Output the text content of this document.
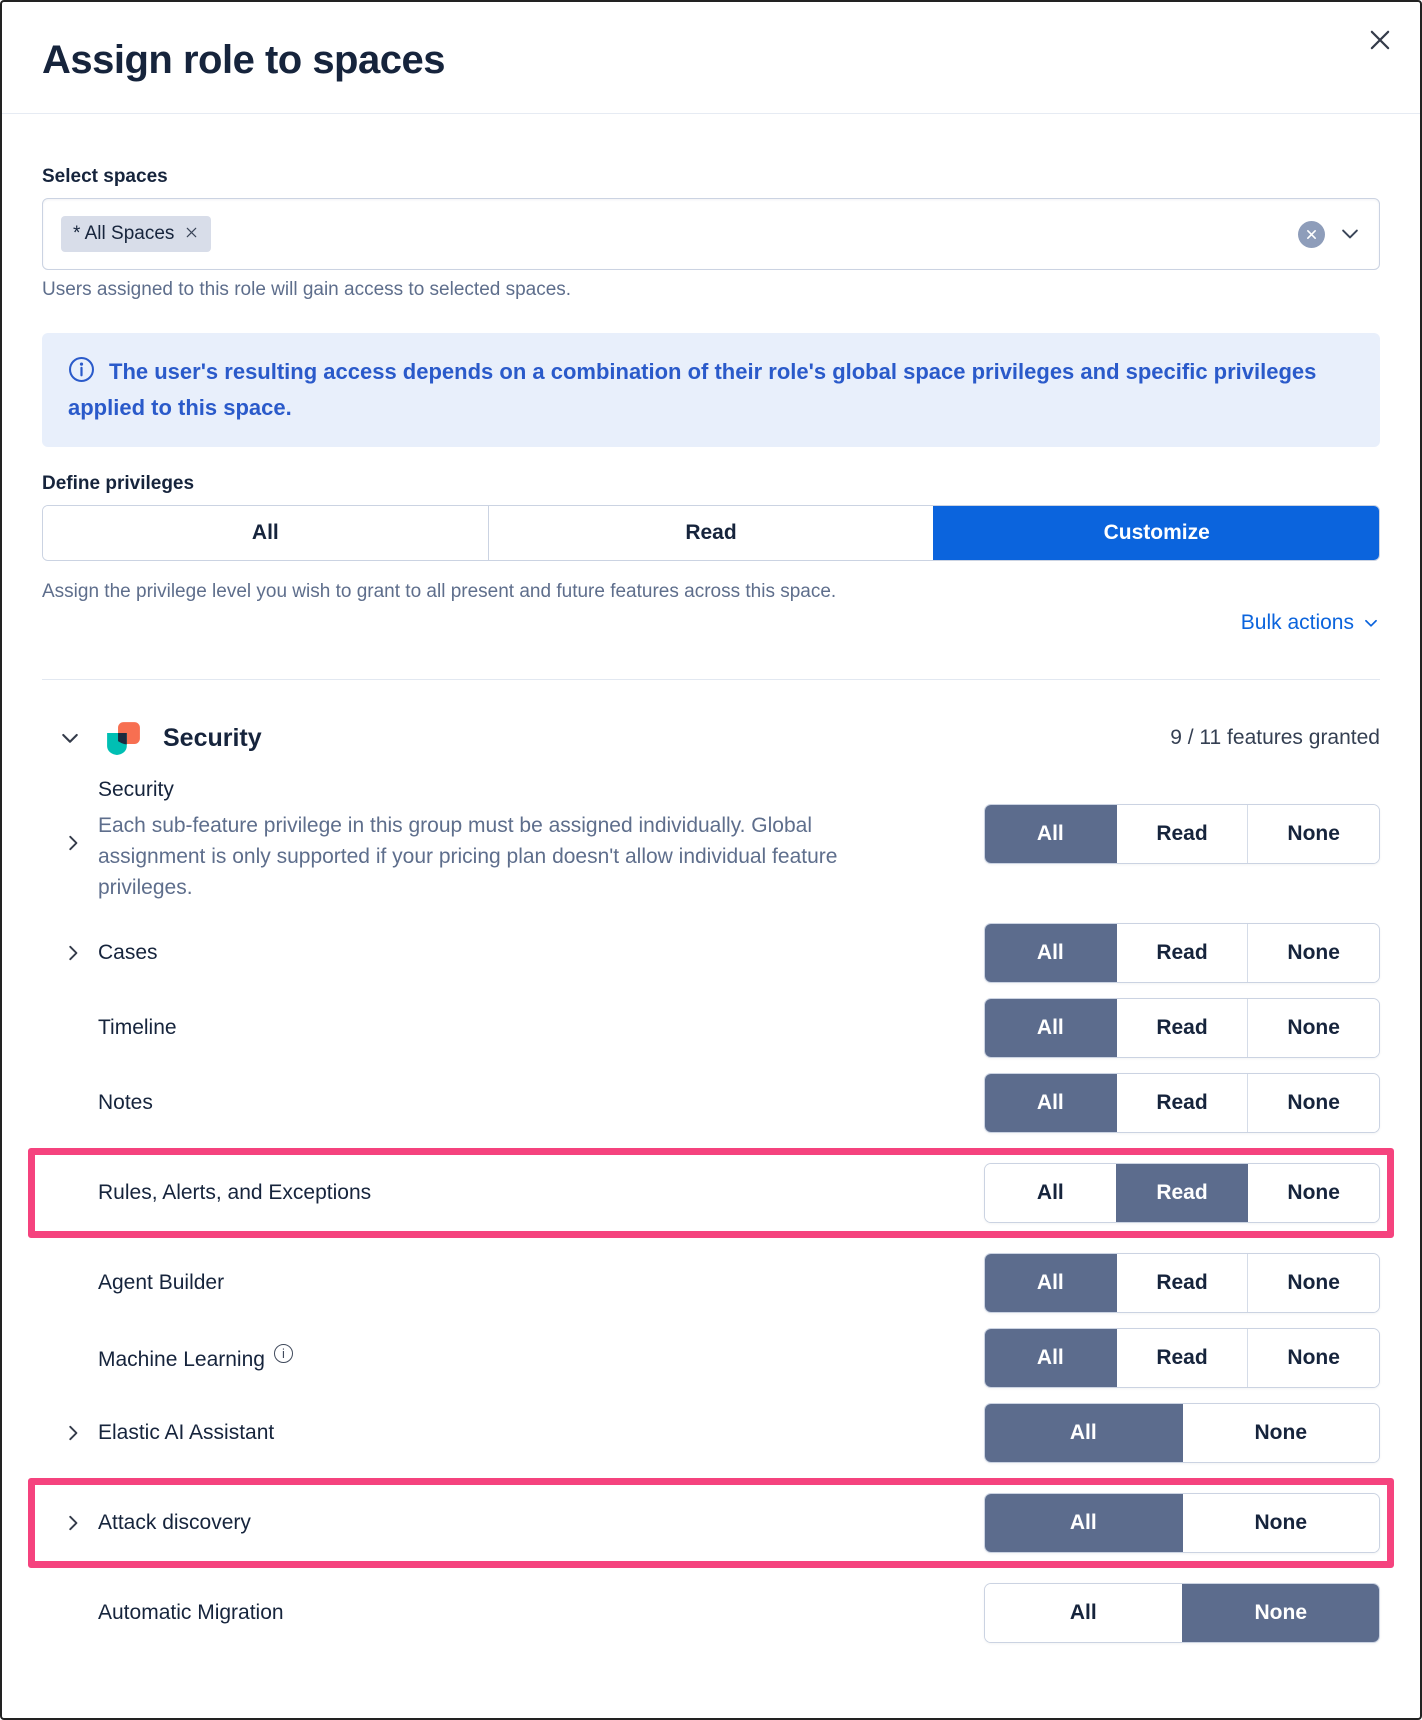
Assign role to spaces
Select spaces
* All Spaces
Users assigned to this role will gain access to selected spaces.
The user's resulting access depends on a combination of their role's global space privileges and specific privileges applied to this space.
Define privileges
All	Read	Customize
Assign the privilege level you wish to grant to all present and future features across this space.
Bulk actions
Security	9 / 11 features granted
Security
Each sub-feature privilege in this group must be assigned individually. Global assignment is only supported if your pricing plan doesn't allow individual feature privileges.
All	Read	None
Cases	All	Read	None
Timeline	All	Read	None
Notes	All	Read	None
Rules, Alerts, and Exceptions	All	Read	None
Agent Builder	All	Read	None
Machine Learning i	All	Read	None
Elastic AI Assistant	All	None
Attack discovery	All	None
Automatic Migration	All	None
